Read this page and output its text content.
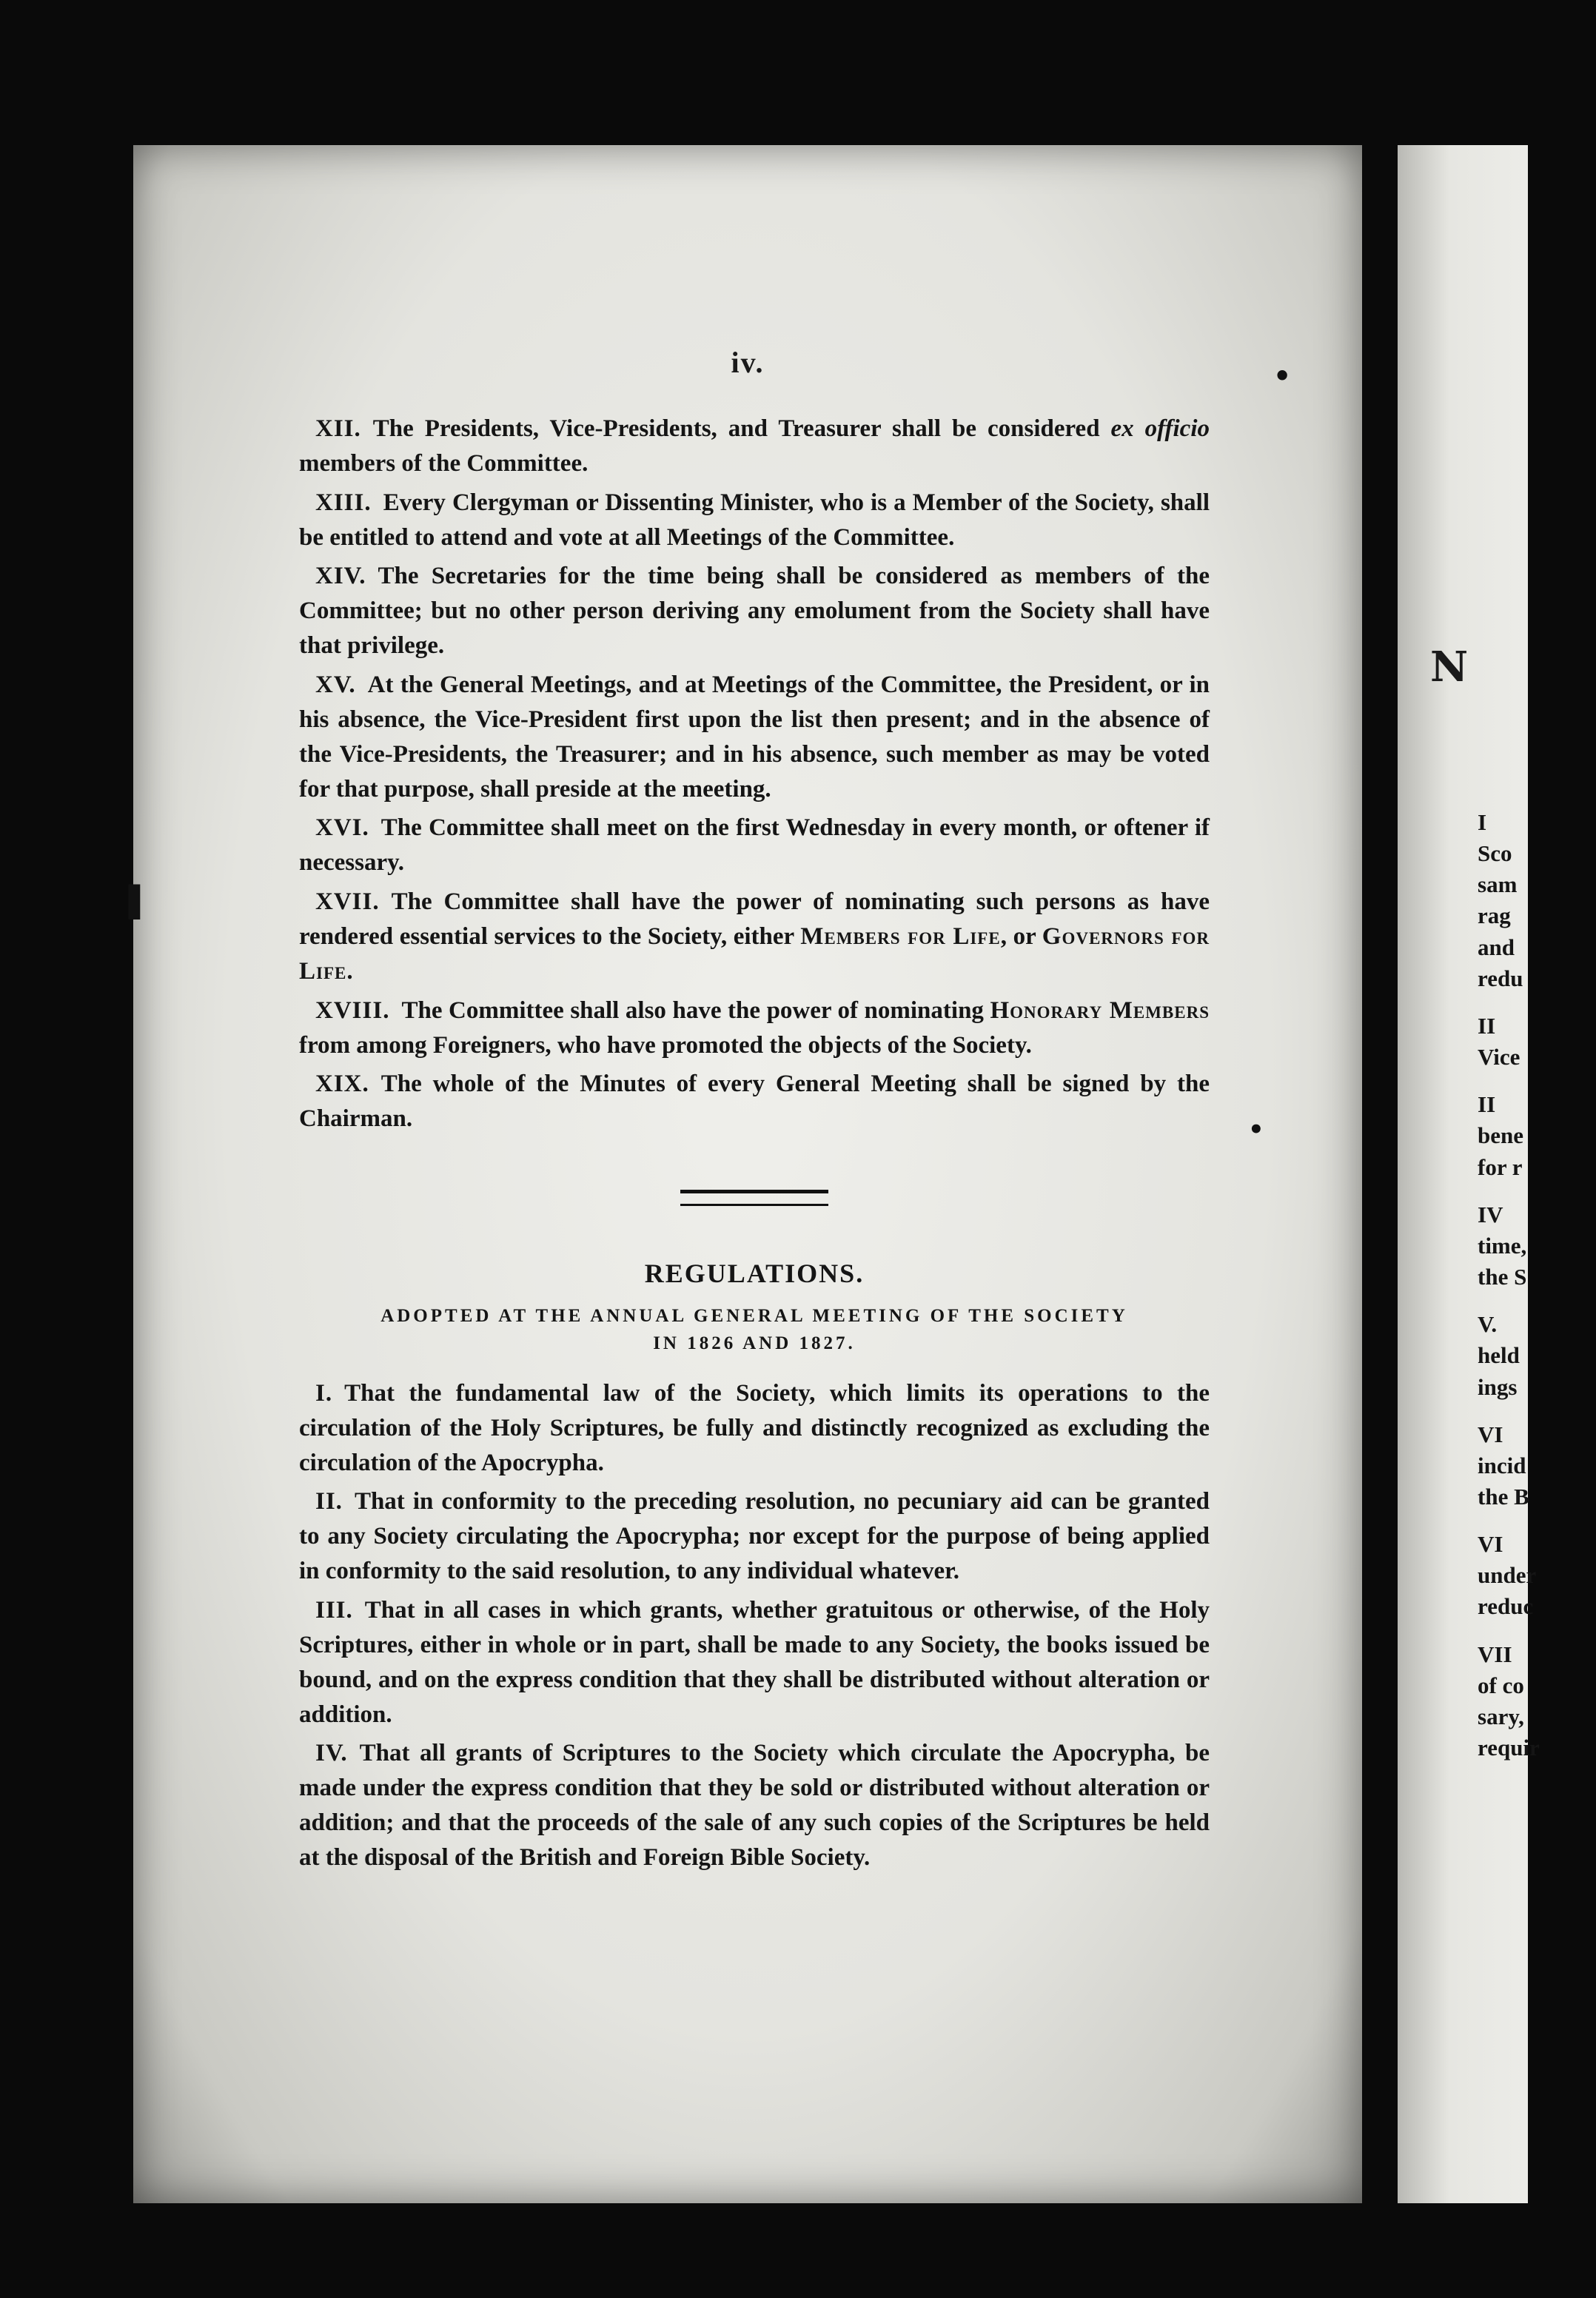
iv.

XII. The Presidents, Vice-Presidents, and Treasurer shall be considered ex officio members of the Committee.

XIII. Every Clergyman or Dissenting Minister, who is a Member of the Society, shall be entitled to attend and vote at all Meetings of the Committee.

XIV. The Secretaries for the time being shall be considered as members of the Committee; but no other person deriving any emolument from the Society shall have that privilege.

XV. At the General Meetings, and at Meetings of the Committee, the President, or in his absence, the Vice-President first upon the list then present; and in the absence of the Vice-Presidents, the Treasurer; and in his absence, such member as may be voted for that purpose, shall preside at the meeting.

XVI. The Committee shall meet on the first Wednesday in every month, or oftener if necessary.

XVII. The Committee shall have the power of nominating such persons as have rendered essential services to the Society, either Members for Life, or Governors for Life.

XVIII. The Committee shall also have the power of nominating Honorary Members from among Foreigners, who have promoted the objects of the Society.

XIX. The whole of the Minutes of every General Meeting shall be signed by the Chairman.

REGULATIONS.
ADOPTED AT THE ANNUAL GENERAL MEETING OF THE SOCIETY
IN 1826 AND 1827.

I. That the fundamental law of the Society, which limits its operations to the circulation of the Holy Scriptures, be fully and distinctly recognized as excluding the circulation of the Apocrypha.

II. That in conformity to the preceding resolution, no pecuniary aid can be granted to any Society circulating the Apocrypha; nor except for the purpose of being applied in conformity to the said resolution, to any individual whatever.

III. That in all cases in which grants, whether gratuitous or otherwise, of the Holy Scriptures, either in whole or in part, shall be made to any Society, the books issued be bound, and on the express condition that they shall be distributed without alteration or addition.

IV. That all grants of Scriptures to the Society which circulate the Apocrypha, be made under the express condition that they be sold or distributed without alteration or addition; and that the proceeds of the sale of any such copies of the Scriptures be held at the disposal of the British and Foreign Bible Society.

•
•
▌
N
I
Sco
sam
rag
and
redu
II
Vice
II
bene
for r
IV
time,
the S
V.
held
ings
VI
incid
the B
VI
under
reduc
VII
of co
sary,
requir
